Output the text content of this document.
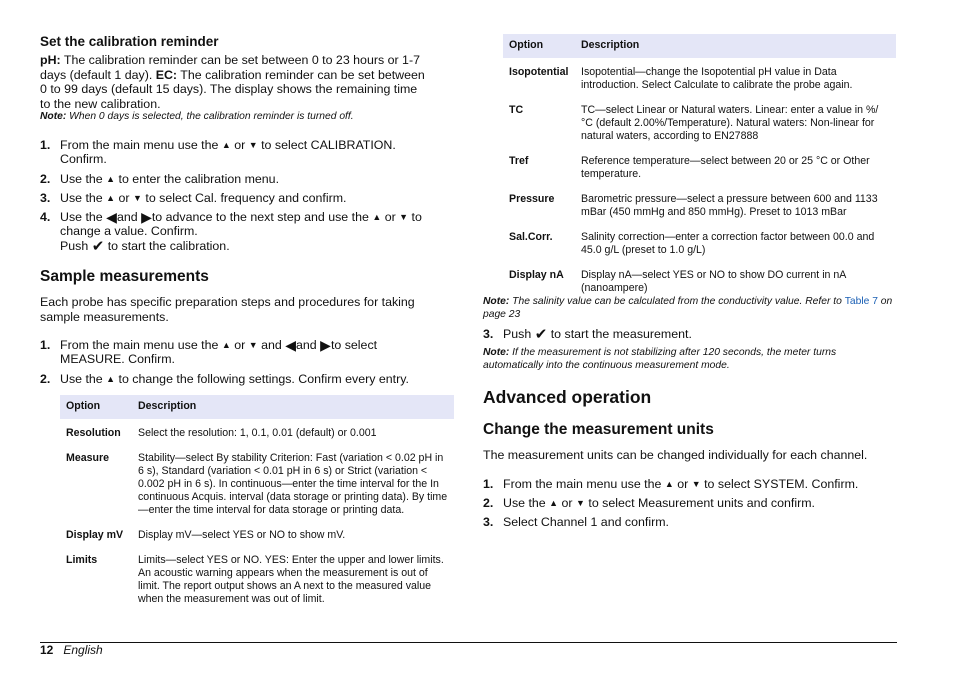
Set the calibration reminder
pH: The calibration reminder can be set between 0 to 23 hours or 1-7 days (default 1 day). EC: The calibration reminder can be set between 0 to 99 days (default 15 days). The display shows the remaining time to the new calibration.
Note: When 0 days is selected, the calibration reminder is turned off.
1. From the main menu use the ▲ or ▼ to select CALIBRATION.
Confirm.
2. Use the ▲ to enter the calibration menu.
3. Use the ▲ or ▼ to select Cal. frequency and confirm.
4. Use the ◀and ▶to advance to the next step and use the ▲ or ▼ to
change a value. Confirm.
Push ✔ to start the calibration.
Sample measurements
Each probe has specific preparation steps and procedures for taking sample measurements.
1. From the main menu use the ▲ or ▼ and ◀and ▶to select
MEASURE. Confirm.
2. Use the ▲ to change the following settings. Confirm every entry.
Option	Description
Resolution	Select the resolution: 1, 0.1, 0.01 (default) or 0.001
Measure	Stability—select By stability Criterion: Fast (variation < 0.02 pH in 6 s), Standard (variation < 0.01 pH in 6 s) or Strict (variation < 0.002 pH in 6 s). In continuous—enter the time interval for the In continuous Acquis. interval (data storage or printing data). By time—enter the time interval for data storage or printing data.
Display mV	Display mV—select YES or NO to show mV.
Limits	Limits—select YES or NO. YES: Enter the upper and lower limits. An acoustic warning appears when the measurement is out of limit. The report output shows an A next to the measured value when the measurement was out of limit.
Option	Description
Isopotential	Isopotential—change the Isopotential pH value in Data introduction. Select Calculate to calibrate the probe again.
TC	TC—select Linear or Natural waters. Linear: enter a value in %/°C (default 2.00%/Temperature). Natural waters: Non-linear for natural waters, according to EN27888
Tref	Reference temperature—select between 20 or 25 °C or Other temperature.
Pressure	Barometric pressure—select a pressure between 600 and 1133 mBar (450 mmHg and 850 mmHg). Preset to 1013 mBar
Sal.Corr.	Salinity correction—enter a correction factor between 00.0 and 45.0 g/L (preset to 1.0 g/L)
Display nA	Display nA—select YES or NO to show DO current in nA (nanoampere)
Note: The salinity value can be calculated from the conductivity value. Refer to Table 7 on page 23
3. Push ✔ to start the measurement.
Note: If the measurement is not stabilizing after 120 seconds, the meter turns automatically into the continuous measurement mode.
Advanced operation
Change the measurement units
The measurement units can be changed individually for each channel.
1. From the main menu use the ▲ or ▼ to select SYSTEM. Confirm.
2. Use the ▲ or ▼ to select Measurement units and confirm.
3. Select Channel 1 and confirm.
12 English
